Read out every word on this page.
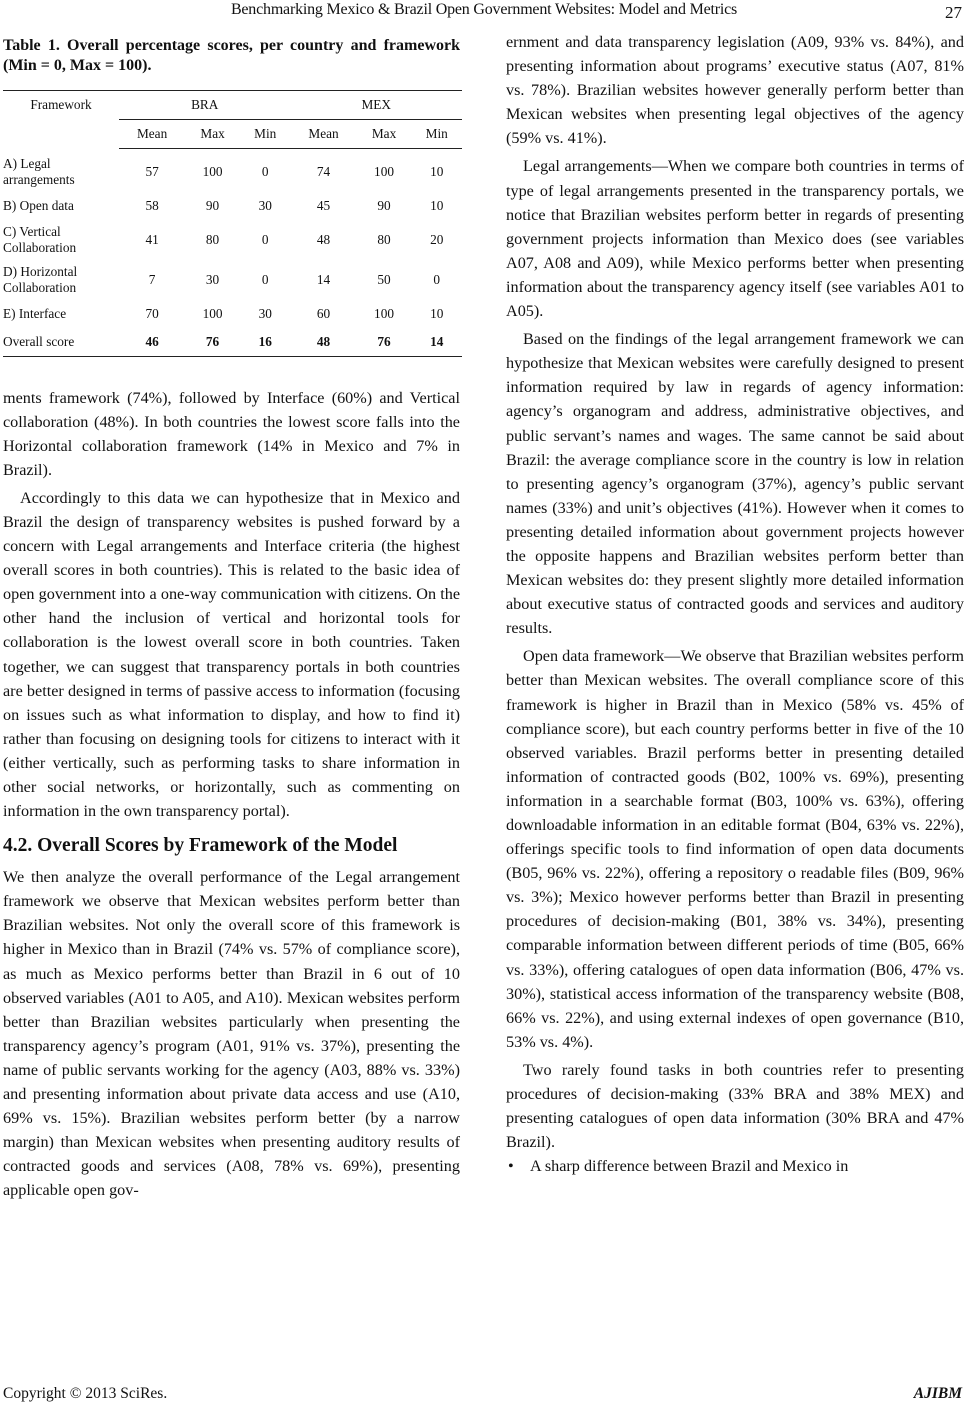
Benchmarking Mexico & Brazil Open Government Websites: Model and Metrics	27
Table 1. Overall percentage scores, per country and framework (Min = 0, Max = 100).
Framework	BRA			MEX		
	Mean	Max	Min	Mean	Max	Min
A) Legal arrangements	57	100	0	74	100	10
B) Open data	58	90	30	45	90	10
C) Vertical Collaboration	41	80	0	48	80	20
D) Horizontal Collaboration	7	30	0	14	50	0
E) Interface	70	100	30	60	100	10
Overall score	46	76	16	48	76	14

ments framework (74%), followed by Interface (60%) and Vertical collaboration (48%). In both countries the lowest score falls into the Horizontal collaboration framework (14% in Mexico and 7% in Brazil).

Accordingly to this data we can hypothesize that in Mexico and Brazil the design of transparency websites is pushed forward by a concern with Legal arrangements and Interface criteria (the highest overall scores in both countries). This is related to the basic idea of open government into a one-way communication with citizens. On the other hand the inclusion of vertical and horizontal tools for collaboration is the lowest overall score in both countries. Taken together, we can suggest that transparency portals in both countries are better designed in terms of passive access to information (focusing on issues such as what information to display, and how to find it) rather than focusing on designing tools for citizens to interact with it (either vertically, such as performing tasks to share information in other social networks, or horizontally, such as commenting on information in the own transparency portal).

4.2. Overall Scores by Framework of the Model

We then analyze the overall performance of the Legal arrangement framework we observe that Mexican websites perform better than Brazilian websites. Not only the overall score of this framework is higher in Mexico than in Brazil (74% vs. 57% of compliance score), as much as Mexico performs better than Brazil in 6 out of 10 observed variables (A01 to A05, and A10). Mexican websites perform better than Brazilian websites particularly when presenting the transparency agency’s program (A01, 91% vs. 37%), presenting the name of public servants working for the agency (A03, 88% vs. 33%) and presenting information about private data access and use (A10, 69% vs. 15%). Brazilian websites perform better (by a narrow margin) than Mexican websites when presenting auditory results of contracted goods and services (A08, 78% vs. 69%), presenting applicable open gov-

ernment and data transparency legislation (A09, 93% vs. 84%), and presenting information about programs’ executive status (A07, 81% vs. 78%). Brazilian websites however generally perform better than Mexican websites when presenting legal objectives of the agency (59% vs. 41%).

Legal arrangements—When we compare both countries in terms of type of legal arrangements presented in the transparency portals, we notice that Brazilian websites perform better in regards of presenting government projects information than Mexico does (see variables A07, A08 and A09), while Mexico performs better when presenting information about the transparency agency itself (see variables A01 to A05).

Based on the findings of the legal arrangement framework we can hypothesize that Mexican websites were carefully designed to present information required by law in regards of agency information: agency’s organogram and address, administrative objectives, and public servant’s names and wages. The same cannot be said about Brazil: the average compliance score in the country is low in relation to presenting agency’s organogram (37%), agency’s public servant names (33%) and unit’s objectives (41%). However when it comes to presenting detailed information about government projects however the opposite happens and Brazilian websites perform better than Mexican websites do: they present slightly more detailed information about executive status of contracted goods and services and auditory results.

Open data framework—We observe that Brazilian websites perform better than Mexican websites. The overall compliance score of this framework is higher in Brazil than in Mexico (58% vs. 45% of compliance score), but each country performs better in five of the 10 observed variables. Brazil performs better in presenting detailed information of contracted goods (B02, 100% vs. 69%), presenting information in a searchable format (B03, 100% vs. 63%), offering downloadable information in an editable format (B04, 63% vs. 22%), offerings specific tools to find information of open data documents (B05, 96% vs. 22%), offering a repository o readable files (B09, 96% vs. 3%); Mexico however performs better than Brazil in presenting procedures of decision-making (B01, 38% vs. 34%), presenting comparable information between different periods of time (B05, 66% vs. 33%), offering catalogues of open data information (B06, 47% vs. 30%), statistical access information of the transparency website (B08, 66% vs. 22%), and using external indexes of open governance (B10, 53% vs. 4%).

Two rarely found tasks in both countries refer to presenting procedures of decision-making (33% BRA and 38% MEX) and presenting catalogues of open data information (30% BRA and 47% Brazil).

• A sharp difference between Brazil and Mexico in

Copyright © 2013 SciRes.	AJIBM
